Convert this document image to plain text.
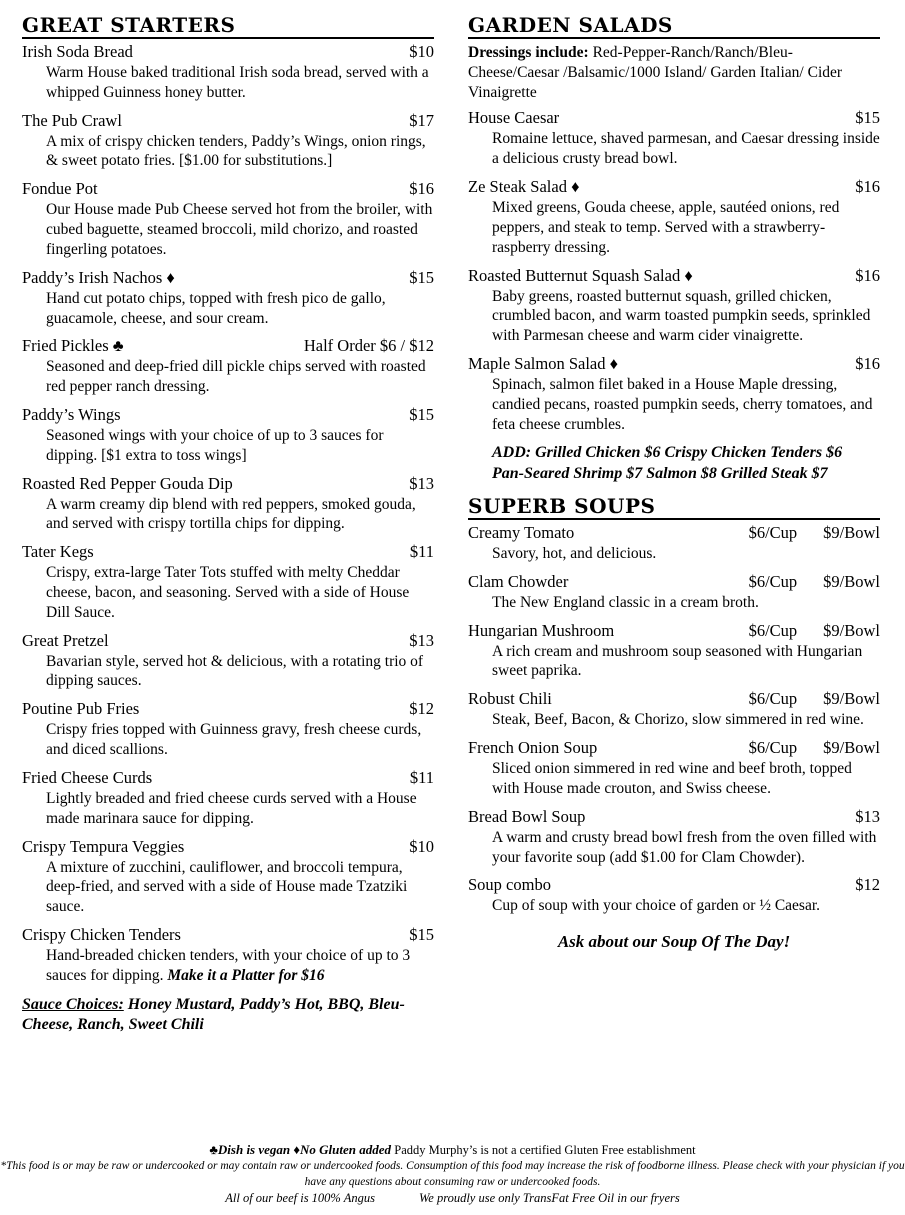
GREAT STARTERS
Irish Soda Bread	$10
Warm House baked traditional Irish soda bread, served with a whipped Guinness honey butter.
The Pub Crawl	$17
A mix of crispy chicken tenders, Paddy’s Wings, onion rings, & sweet potato fries. [$1.00 for substitutions.]
Fondue Pot	$16
Our House made Pub Cheese served hot from the broiler, with cubed baguette, steamed broccoli, mild chorizo, and roasted fingerling potatoes.
Paddy’s Irish Nachos ♦	$15
Hand cut potato chips, topped with fresh pico de gallo, guacamole, cheese, and sour cream.
Fried Pickles ♣	Half Order $6 / $12
Seasoned and deep-fried dill pickle chips served with roasted red pepper ranch dressing.
Paddy’s Wings	$15
Seasoned wings with your choice of up to 3 sauces for dipping. [$1 extra to toss wings]
Roasted Red Pepper Gouda Dip	$13
A warm creamy dip blend with red peppers, smoked gouda, and served with crispy tortilla chips for dipping.
Tater Kegs	$11
Crispy, extra-large Tater Tots stuffed with melty Cheddar cheese, bacon, and seasoning. Served with a side of House Dill Sauce.
Great Pretzel	$13
Bavarian style, served hot & delicious, with a rotating trio of dipping sauces.
Poutine Pub Fries	$12
Crispy fries topped with Guinness gravy, fresh cheese curds, and diced scallions.
Fried Cheese Curds	$11
Lightly breaded and fried cheese curds served with a House made marinara sauce for dipping.
Crispy Tempura Veggies	$10
A mixture of zucchini, cauliflower, and broccoli tempura, deep-fried, and served with a side of House made Tzatziki sauce.
Crispy Chicken Tenders	$15
Hand-breaded chicken tenders, with your choice of up to 3 sauces for dipping. Make it a Platter for $16
Sauce Choices: Honey Mustard, Paddy’s Hot, BBQ, Bleu-Cheese, Ranch, Sweet Chili
GARDEN SALADS
Dressings include: Red-Pepper-Ranch/Ranch/Bleu-Cheese/Caesar /Balsamic/1000 Island/ Garden Italian/ Cider Vinaigrette
House Caesar	$15
Romaine lettuce, shaved parmesan, and Caesar dressing inside a delicious crusty bread bowl.
Ze Steak Salad ♦	$16
Mixed greens, Gouda cheese, apple, sautéed onions, red peppers, and steak to temp. Served with a strawberry-raspberry dressing.
Roasted Butternut Squash Salad ♦	$16
Baby greens, roasted butternut squash, grilled chicken, crumbled bacon, and warm toasted pumpkin seeds, sprinkled with Parmesan cheese and warm cider vinaigrette.
Maple Salmon Salad ♦	$16
Spinach, salmon filet baked in a House Maple dressing, candied pecans, roasted pumpkin seeds, cherry tomatoes, and feta cheese crumbles.
ADD: Grilled Chicken $6 Crispy Chicken Tenders $6
Pan-Seared Shrimp $7 Salmon $8 Grilled Steak $7
SUPERB SOUPS
Creamy Tomato	$6/Cup $9/Bowl
Savory, hot, and delicious.
Clam Chowder	$6/Cup $9/Bowl
The New England classic in a cream broth.
Hungarian Mushroom	$6/Cup $9/Bowl
A rich cream and mushroom soup seasoned with Hungarian sweet paprika.
Robust Chili	$6/Cup $9/Bowl
Steak, Beef, Bacon, & Chorizo, slow simmered in red wine.
French Onion Soup	$6/Cup $9/Bowl
Sliced onion simmered in red wine and beef broth, topped with House made crouton, and Swiss cheese.
Bread Bowl Soup	$13
A warm and crusty bread bowl fresh from the oven filled with your favorite soup (add $1.00 for Clam Chowder).
Soup combo	$12
Cup of soup with your choice of garden or ½ Caesar.
Ask about our Soup Of The Day!
♣Dish is vegan ♦No Gluten added Paddy Murphy’s is not a certified Gluten Free establishment
*This food is or may be raw or undercooked or may contain raw or undercooked foods. Consumption of this food may increase the risk of foodborne illness. Please check with your physician if you have any questions about consuming raw or undercooked foods.
All of our beef is 100% Angus	We proudly use only TransFat Free Oil in our fryers
